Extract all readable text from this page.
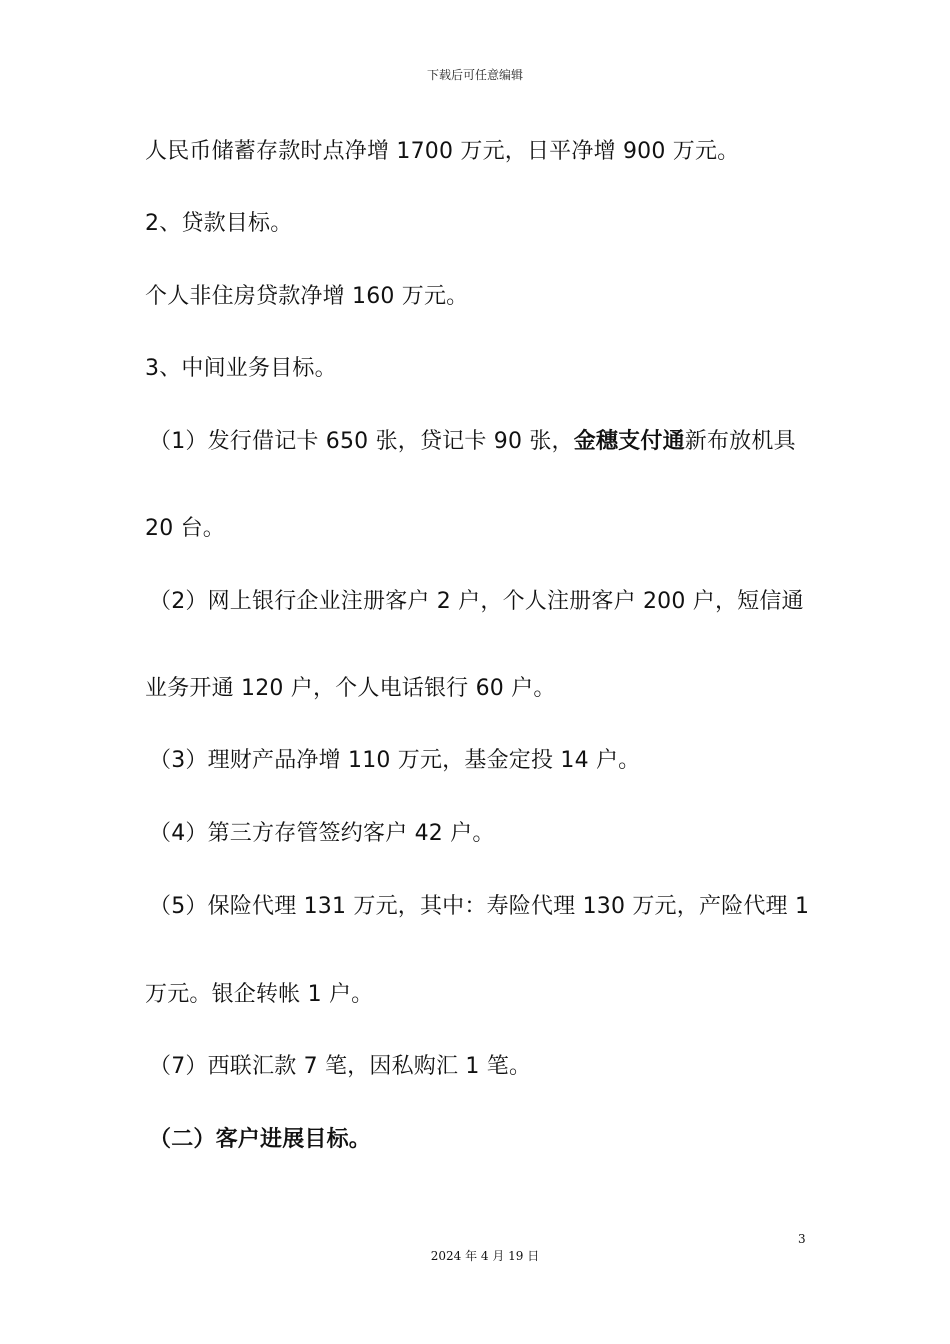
下载后可任意编辑
人民币储蓄存款时点净增 1700 万元，日平净增 900 万元。
2、贷款目标。
个人非住房贷款净增 160 万元。
3、中间业务目标。
（1）发行借记卡 650 张，贷记卡 90 张，金穗支付通新布放机具
20 台。
（2）网上银行企业注册客户 2 户，个人注册客户 200 户，短信通
业务开通 120 户，个人电话银行 60 户。
（3）理财产品净增 110 万元，基金定投 14 户。
（4）第三方存管签约客户 42 户。
（5）保险代理 131 万元，其中：寿险代理 130 万元，产险代理 1
万元。银企转帐 1 户。
（7）西联汇款 7 笔，因私购汇 1 笔。
（二）客户进展目标。
3
2024 年 4 月 19 日
